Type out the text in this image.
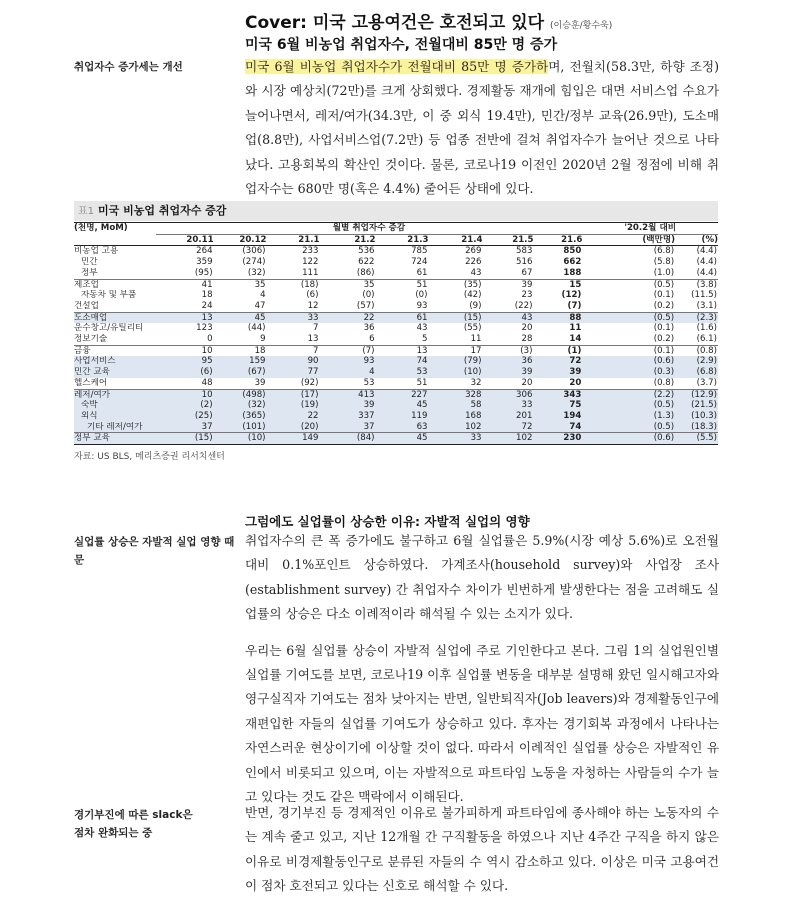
Cover: 미국 고용여건은 호전되고 있다 (이승훈/황수욱)
미국 6월 비농업 취업자수, 전월대비 85만 명 증가
취업자수 증가세는 개선	미국 6월 비농업 취업자수가 전월대비 85만 명 증가하며, 전월치(58.3만, 하향 조정)와 시장 예상치(72만)를 크게 상회했다. 경제활동 재개에 힘입은 대면 서비스업 수요가 늘어나면서, 레저/여가(34.3만, 이 중 외식 19.4만), 민간/정부 교육(26.9만), 도소매업(8.8만), 사업서비스업(7.2만) 등 업종 전반에 걸쳐 취업자수가 늘어난 것으로 나타났다. 고용회복의 확산인 것이다. 물론, 코로나19 이전인 2020년 2월 정점에 비해 취업자수는 680만 명(혹은 4.4%) 줄어든 상태에 있다.

표1 미국 비농업 취업자수 증감
(천명, MoM)	월별 취업자수 증감								'20.2월 대비	
	20.11	20.12	21.1	21.2	21.3	21.4	21.5	21.6	(백만명)	(%)
비농업 고용	264	(306)	233	536	785	269	583	850	(6.8)	(4.4)
민간	359	(274)	122	622	724	226	516	662	(5.8)	(4.4)
정부	(95)	(32)	111	(86)	61	43	67	188	(1.0)	(4.4)
제조업	41	35	(18)	35	51	(35)	39	15	(0.5)	(3.8)
자동차 및 부품	18	4	(6)	(0)	(0)	(42)	23	(12)	(0.1)	(11.5)
건설업	24	47	12	(57)	93	(9)	(22)	(7)	(0.2)	(3.1)
도소매업	13	45	33	22	61	(15)	43	88	(0.5)	(2.3)
운수창고/유틸리티	123	(44)	7	36	43	(55)	20	11	(0.1)	(1.6)
정보기술	0	9	13	6	5	11	28	14	(0.2)	(6.1)
금융	10	18	7	(7)	13	17	(3)	(1)	(0.1)	(0.8)
사업서비스	95	159	90	93	74	(79)	36	72	(0.6)	(2.9)
민간 교육	(6)	(67)	77	4	53	(10)	39	39	(0.3)	(6.8)
헬스케어	48	39	(92)	53	51	32	20	20	(0.8)	(3.7)
레저/여가	10	(498)	(17)	413	227	328	306	343	(2.2)	(12.9)
숙박	(2)	(32)	(19)	39	45	58	33	75	(0.5)	(21.5)
외식	(25)	(365)	22	337	119	168	201	194	(1.3)	(10.3)
기타 레저/여가	37	(101)	(20)	37	63	102	72	74	(0.5)	(18.3)
정부 교육	(15)	(10)	149	(84)	45	33	102	230	(0.6)	(5.5)
자료: US BLS, 메리츠증권 리서치센터
그럼에도 실업률이 상승한 이유: 자발적 실업의 영향
실업률 상승은 자발적 실업 영향 때문

취업자수의 큰 폭 증가에도 불구하고 6월 실업률은 5.9%(시장 예상 5.6%)로 오전월대비 0.1%포인트 상승하였다. 가계조사(household survey)와 사업장 조사(establishment survey) 간 취업자수 차이가 빈번하게 발생한다는 점을 고려해도 실업률의 상승은 다소 이례적이라 해석될 수 있는 소지가 있다.

우리는 6월 실업률 상승이 자발적 실업에 주로 기인한다고 본다. 그림 1의 실업원인별 실업률 기여도를 보면, 코로나19 이후 실업률 변동을 대부분 설명해 왔던 일시해고자와 영구실직자 기여도는 점차 낮아지는 반면, 일반퇴직자(Job leavers)와 경제활동인구에 재편입한 자들의 실업률 기여도가 상승하고 있다. 후자는 경기회복 과정에서 나타나는 자연스러운 현상이기에 이상할 것이 없다. 따라서 이례적인 실업률 상승은 자발적인 유인에서 비롯되고 있으며, 이는 자발적으로 파트타임 노동을 자청하는 사람들의 수가 늘고 있다는 것도 같은 맥락에서 이해된다.

경기부진에 따른 slack은
점차 완화되는 중

반면, 경기부진 등 경제적인 이유로 불가피하게 파트타임에 종사해야 하는 노동자의 수는 계속 줄고 있고, 지난 12개월 간 구직활동을 하였으나 지난 4주간 구직을 하지 않은 이유로 비경제활동인구로 분류된 자들의 수 역시 감소하고 있다. 이상은 미국 고용여건이 점차 호전되고 있다는 신호로 해석할 수 있다.
